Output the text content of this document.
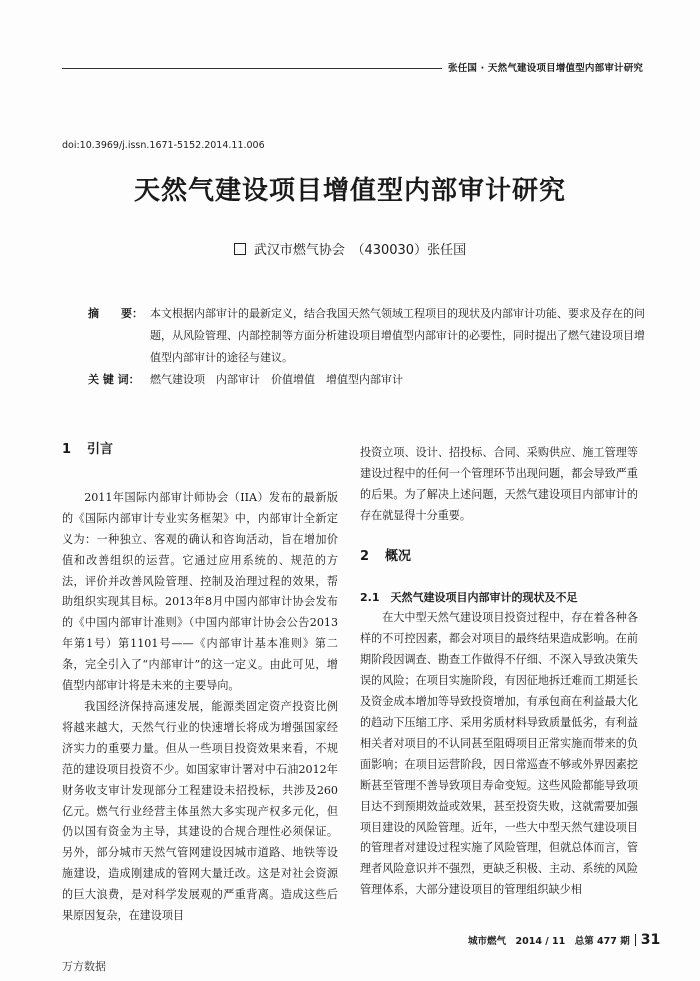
张任国 · 天然气建设项目增值型内部审计研究
doi:10.3969/j.issn.1671-5152.2014.11.006
天然气建设项目增值型内部审计研究
武汉市燃气协会　 （430030）张任国
摘　　要： 本文根据内部审计的最新定义，结合我国天然气领域工程项目的现状及内部审计功能、要求及存在的问题，从风险管理、内部控制等方面分析建设项目增值型内部审计的必要性，同时提出了燃气建设项目增值型内部审计的途径与建议。
关 键 词： 燃气建设项　内部审计　价值增值　增值型内部审计
1 引言

2011年国际内部审计师协会（IIA）发布的最新版的《国际内部审计专业实务框架》中，内部审计全新定义为：一种独立、客观的确认和咨询活动，旨在增加价值和改善组织的运营。它通过应用系统的、规范的方法，评价并改善风险管理、控制及治理过程的效果，帮助组织实现其目标。2013年8月中国内部审计协会发布的《中国内部审计准则》（中国内部审计协会公告2013年第1号）第1101号——《内部审计基本准则》第二条，完全引入了“内部审计”的这一定义。由此可见，增值型内部审计将是未来的主要导向。

我国经济保持高速发展，能源类固定资产投资比例将越来越大，天然气行业的快速增长将成为增强国家经济实力的重要力量。但从一些项目投资效果来看，不规范的建设项目投资不少。如国家审计署对中石油2012年财务收支审计发现部分工程建设未招投标，共涉及260亿元。燃气行业经营主体虽然大多实现产权多元化，但仍以国有资金为主导，其建设的合规合理性必须保证。另外，部分城市天然气管网建设因城市道路、地铁等设施建设，造成刚建成的管网大量迁改。这是对社会资源的巨大浪费，是对科学发展观的严重背离。造成这些后果原因复杂，在建设项目

投资立项、设计、招投标、合同、采购供应、施工管理等建设过程中的任何一个管理环节出现问题，都会导致严重的后果。为了解决上述问题，天然气建设项目内部审计的存在就显得十分重要。

2 概况
2.1　天然气建设项目内部审计的现状及不足

在大中型天然气建设项目投资过程中，存在着各种各样的不可控因素，都会对项目的最终结果造成影响。在前期阶段因调查、勘查工作做得不仔细、不深入导致决策失误的风险；在项目实施阶段，有因征地拆迁难而工期延长及资金成本增加等导致投资增加，有承包商在利益最大化的趋动下压缩工序、采用劣质材料导致质量低劣，有利益相关者对项目的不认同甚至阻碍项目正常实施而带来的负面影响；在项目运营阶段，因日常巡查不够或外界因素挖断甚至管理不善导致项目寿命变短。这些风险都能导致项目达不到预期效益或效果，甚至投资失败，这就需要加强项目建设的风险管理。近年，一些大中型天然气建设项目的管理者对建设过程实施了风险管理，但就总体而言，管理者风险意识并不强烈，更缺乏积极、主动、系统的风险管理体系，大部分建设项目的管理组织缺少相

城市燃气　2014 / 11　总第 477 期 31
万方数据
